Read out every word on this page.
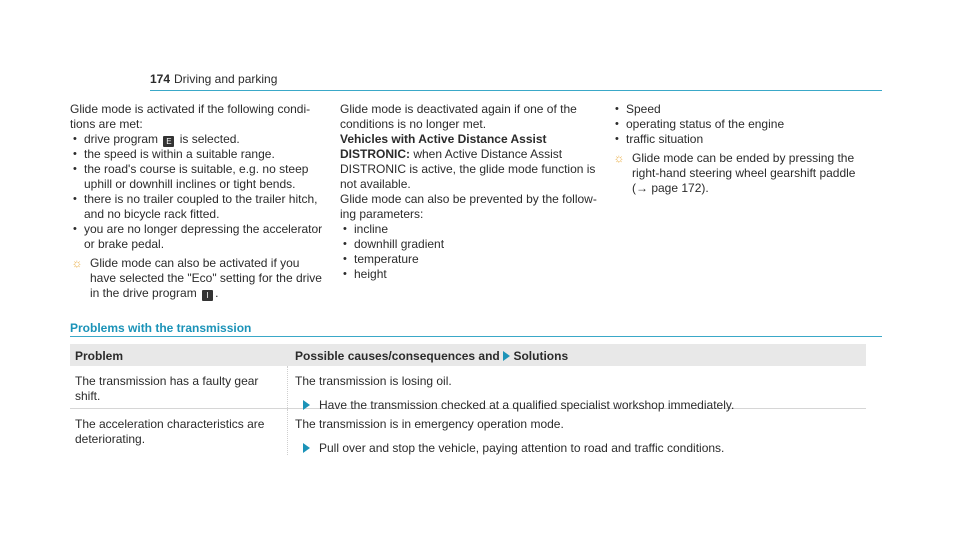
174 Driving and parking

Glide mode is activated if the following condi- tions are met:

• drive program E is selected.
• the speed is within a suitable range.
• the road's course is suitable, e.g. no steep uphill or downhill inclines or tight bends.
• there is no trailer coupled to the trailer hitch, and no bicycle rack fitted.
• you are no longer depressing the accelerator or brake pedal.
☼ Glide mode can also be activated if you have selected the "Eco" setting for the drive in the drive program I .

Glide mode is deactivated again if one of the conditions is no longer met.

Vehicles with Active Distance Assist DISTRONIC: when Active Distance Assist DISTRONIC is active, the glide mode function is not available.

Glide mode can also be prevented by the follow- ing parameters:

• incline
• downhill gradient
• temperature
• height
• Speed
• operating status of the engine
• traffic situation
☼ Glide mode can be ended by pressing the right-hand steering wheel gearshift paddle (→ page 172).
Problems with the transmission
Problem	Possible causes/consequences and Solutions
The transmission has a faulty gear shift.
The transmission is losing oil.
Have the transmission checked at a qualified specialist workshop immediately.
The acceleration characteristics are deteriorating.
The transmission is in emergency operation mode.
Pull over and stop the vehicle, paying attention to road and traffic conditions.
